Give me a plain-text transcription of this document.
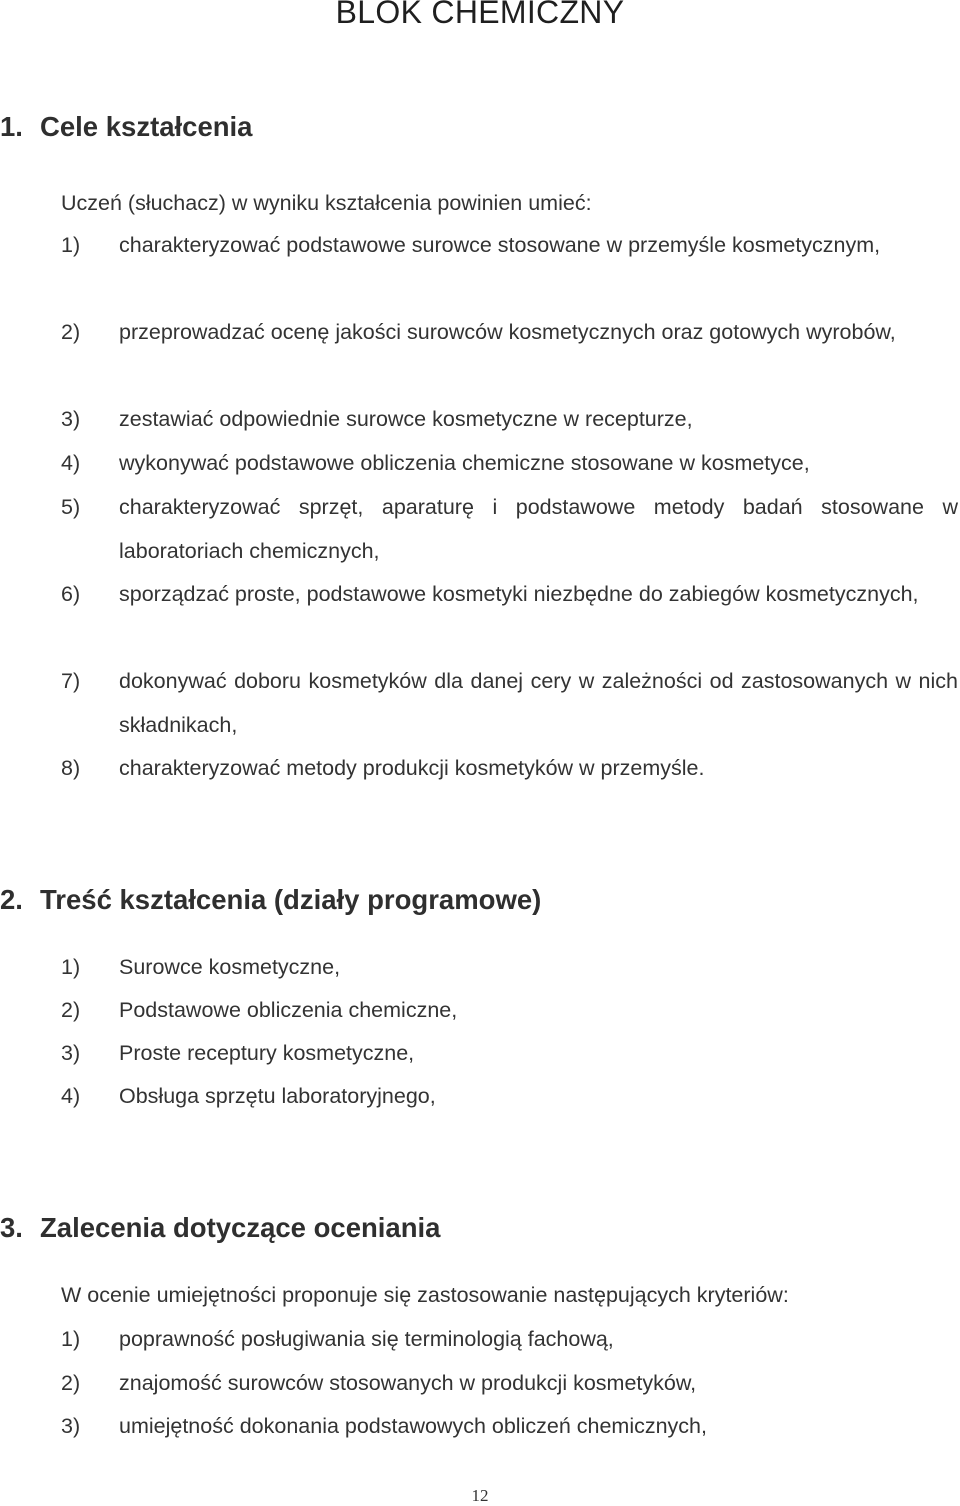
BLOK CHEMICZNY
1. Cele kształcenia
Uczeń (słuchacz) w wyniku kształcenia powinien umieć:
1) charakteryzować podstawowe surowce stosowane w przemyśle kosmetycznym,
2) przeprowadzać ocenę jakości surowców kosmetycznych oraz gotowych wyrobów,
3) zestawiać odpowiednie surowce kosmetyczne w recepturze,
4) wykonywać podstawowe obliczenia chemiczne stosowane w kosmetyce,
5) charakteryzować sprzęt, aparaturę i podstawowe metody badań stosowane w laboratoriach chemicznych,
6) sporządzać proste, podstawowe kosmetyki niezbędne do zabiegów kosmetycznych,
7) dokonywać doboru kosmetyków dla danej cery w zależności od zastosowanych w nich składnikach,
8) charakteryzować metody produkcji kosmetyków w przemyśle.
2. Treść kształcenia (działy programowe)
1) Surowce kosmetyczne,
2) Podstawowe obliczenia chemiczne,
3) Proste receptury kosmetyczne,
4) Obsługa sprzętu laboratoryjnego,
3. Zalecenia dotyczące oceniania
W ocenie umiejętności proponuje się zastosowanie następujących kryteriów:
1) poprawność posługiwania się terminologią fachową,
2) znajomość surowców stosowanych w produkcji kosmetyków,
3) umiejętność dokonania podstawowych obliczeń chemicznych,
12
